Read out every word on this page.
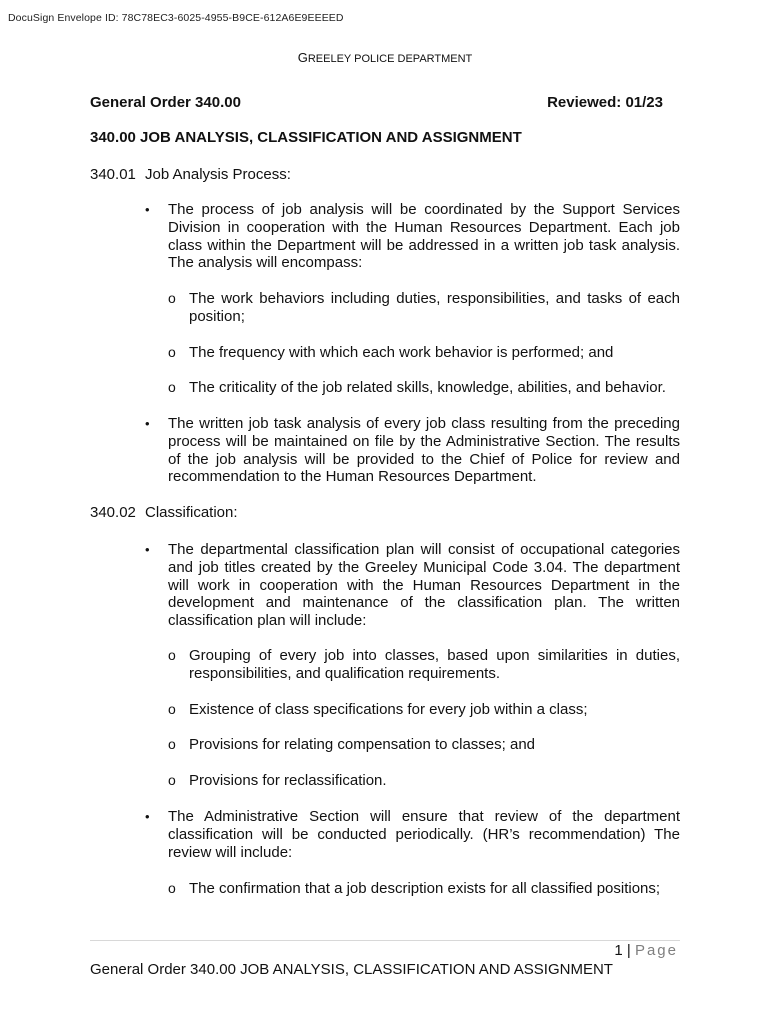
DocuSign Envelope ID: 78C78EC3-6025-4955-B9CE-612A6E9EEEED
GREELEY POLICE DEPARTMENT
General Order 340.00	Reviewed: 01/23
340.00 JOB ANALYSIS, CLASSIFICATION AND ASSIGNMENT
340.01 Job Analysis Process:
• The process of job analysis will be coordinated by the Support Services Division in cooperation with the Human Resources Department. Each job class within the Department will be addressed in a written job task analysis. The analysis will encompass:
o The work behaviors including duties, responsibilities, and tasks of each position;
o The frequency with which each work behavior is performed; and
o The criticality of the job related skills, knowledge, abilities, and behavior.
• The written job task analysis of every job class resulting from the preceding process will be maintained on file by the Administrative Section. The results of the job analysis will be provided to the Chief of Police for review and recommendation to the Human Resources Department.
340.02 Classification:
• The departmental classification plan will consist of occupational categories and job titles created by the Greeley Municipal Code 3.04. The department will work in cooperation with the Human Resources Department in the development and maintenance of the classification plan. The written classification plan will include:
o Grouping of every job into classes, based upon similarities in duties, responsibilities, and qualification requirements.
o Existence of class specifications for every job within a class;
o Provisions for relating compensation to classes; and
o Provisions for reclassification.
• The Administrative Section will ensure that review of the department classification will be conducted periodically. (HR’s recommendation) The review will include:
o The confirmation that a job description exists for all classified positions;
1 | Page
General Order 340.00 JOB ANALYSIS, CLASSIFICATION AND ASSIGNMENT
